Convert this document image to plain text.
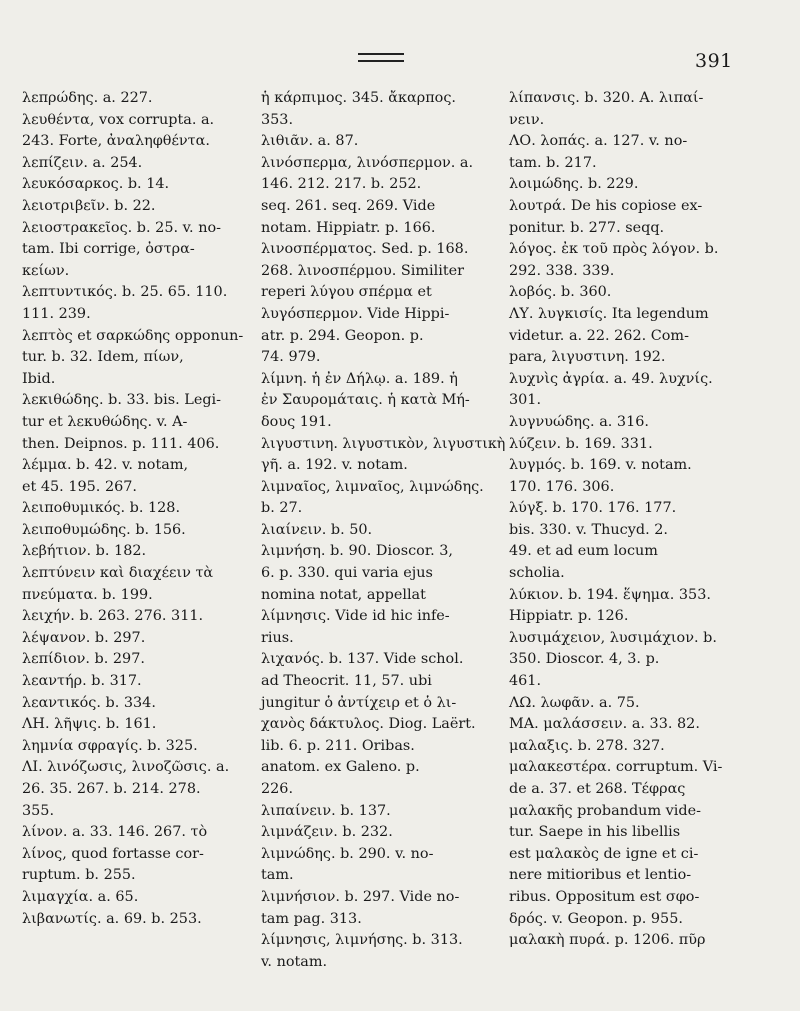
391
λεπρώδης. a. 227.
λευθέντα, vox corrupta. a.
243. Forte, ἀναληφθέντα.
λεπίζειν. a. 254.
λευκόσαρκος. b. 14.
λειοτριβεῖν. b. 22.
λειοστρακεῖος. b. 25. v. no-
tam. Ibi corrige, ὀστρα-
κείων.
λεπτυντικός. b. 25. 65. 110.
111. 239.
λεπτὸς et σαρκώδης opponun-
tur. b. 32. Idem, πίων,
Ibid.
λεκιθώδης. b. 33. bis. Legi-
tur et λεκυθώδης. v. A-
then. Deipnos. p. 111. 406.
λέμμα. b. 42. v. notam,
et 45. 195. 267.
λειποθυμικός. b. 128.
λειποθυμώδης. b. 156.
λεβήτιον. b. 182.
λεπτύνειν καὶ διαχέειν τὰ
πνεύματα. b. 199.
λειχήν. b. 263. 276. 311.
λέψανον. b. 297.
λεπίδιον. b. 297.
λεαντήρ. b. 317.
λεαντικός. b. 334.
ΛΗ. λῆψις. b. 161.
λημνία σφραγίς. b. 325.
ΛΙ. λινόζωσις, λινοζῶσις. a.
26. 35. 267. b. 214. 278.
355.
λίνον. a. 33. 146. 267. τὸ
λίνος, quod fortasse cor-
ruptum. b. 255.
λιμαγχία. a. 65.
λιβανωτίς. a. 69. b. 253.
ἡ κάρπιμος. 345. ἄκαρπος.
353.
λιθιᾶν. a. 87.
λινόσπερμα, λινόσπερμον. a.
146. 212. 217. b. 252.
seq. 261. seq. 269. Vide
notam. Hippiatr. p. 166.
λινοσπέρματος. Sed. p. 168.
268. λινοσπέρμου. Similiter
reperi λύγου σπέρμα et
λυγόσπερμον. Vide Hippi-
atr. p. 294. Geopon. p.
74. 979.
λίμνη. ἡ ἐν Δήλῳ. a. 189. ἡ
ἐν Σαυρομάταις. ἡ κατὰ Μή-
δους 191.
λιγυστινη. λιγυστικὸν, λιγυστικὴ
γῆ. a. 192. v. notam.
λιμναῖος, λιμναῖος, λιμνώδης.
b. 27.
λιαίνειν. b. 50.
λιμνήση. b. 90. Dioscor. 3,
6. p. 330. qui varia ejus
nomina notat, appellat
λίμνησις. Vide id hic infe-
rius.
λιχανός. b. 137. Vide schol.
ad Theocrit. 11, 57. ubi
jungitur ὁ ἀντίχειρ et ὁ λι-
χανὸς δάκτυλος. Diog. Laërt.
lib. 6. p. 211. Oribas.
anatom. ex Galeno. p.
226.
λιπαίνειν. b. 137.
λιμνάζειν. b. 232.
λιμνώδης. b. 290. v. no-
tam.
λιμνήσιον. b. 297. Vide no-
tam pag. 313.
λίμνησις, λιμνήσης. b. 313.
v. notam.
λίπανσις. b. 320. A. λιπαί-
νειν.
ΛΟ. λοπάς. a. 127. v. no-
tam. b. 217.
λοιμώδης. b. 229.
λουτρά. De his copiose ex-
ponitur. b. 277. seqq.
λόγος. ἐκ τοῦ πρὸς λόγον. b.
292. 338. 339.
λοβός. b. 360.
ΛΥ. λυγκισίς. Ita legendum
videtur. a. 22. 262. Com-
para, λιγυστινη. 192.
λυχνὶς ἀγρία. a. 49. λυχνίς.
301.
λυγνυώδης. a. 316.
λύζειν. b. 169. 331.
λυγμός. b. 169. v. notam.
170. 176. 306.
λύγξ. b. 170. 176. 177.
bis. 330. v. Thucyd. 2.
49. et ad eum locum
scholia.
λύκιον. b. 194. ἕψημα. 353.
Hippiatr. p. 126.
λυσιμάχειον, λυσιμάχιον. b.
350. Dioscor. 4, 3. p.
461.
ΛΩ. λωφᾶν. a. 75.
ΜΑ. μαλάσσειν. a. 33. 82.
μαλαξις. b. 278. 327.
μαλακεστέρα. corruptum. Vi-
de a. 37. et 268. Τέφρας
μαλακῆς probandum vide-
tur. Saepe in his libellis
est μαλακὸς de igne et ci-
nere mitioribus et lentio-
ribus. Oppositum est σφο-
δρός. v. Geopon. p. 955.
μαλακὴ πυρά. p. 1206. πῦρ
